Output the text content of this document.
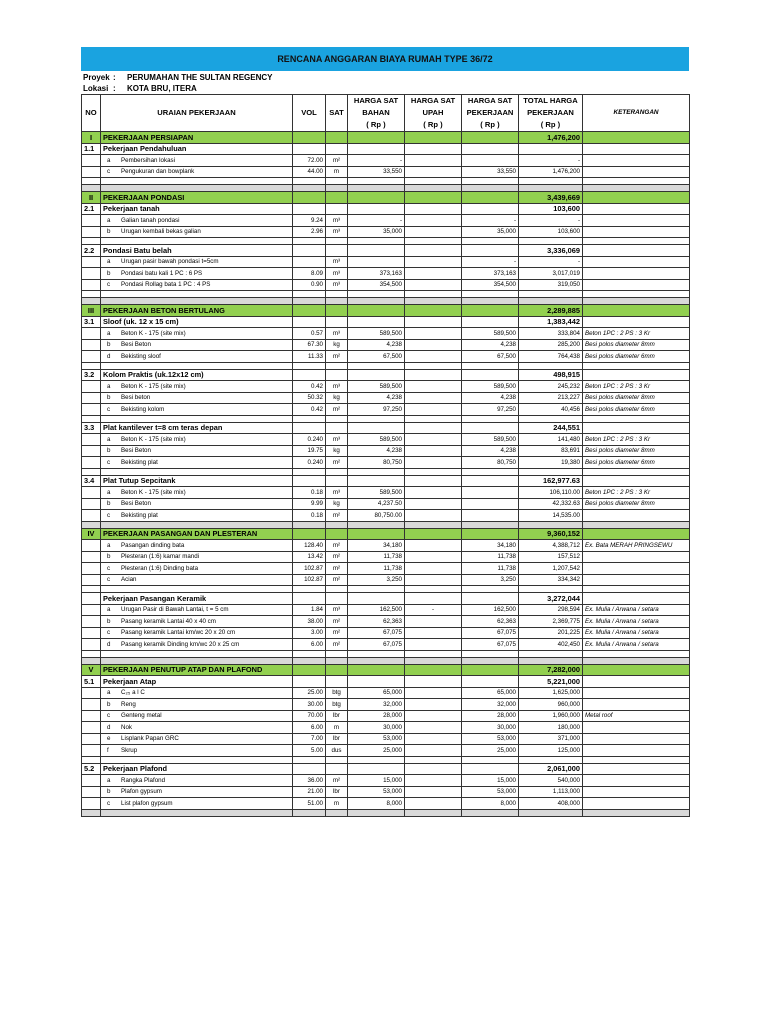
RENCANA ANGGARAN BIAYA RUMAH TYPE 36/72
Proyek : PERUMAHAN THE SULTAN REGENCY
Lokasi : KOTA BRU, ITERA
NO	URAIAN PEKERJAAN	VOL	SAT	HARGA SAT	HARGA SAT	HARGA SAT	TOTAL HARGA	KETERANGAN
				BAHAN	UPAH	PEKERJAAN	PEKERJAAN	
				( Rp )	( Rp )	( Rp )	( Rp )	
I	PEKERJAAN PERSIAPAN						1,476,200	
1.1	Pekerjaan Pendahuluan							
	a Pembersihan lokasi	72.00	m²	-			-	
	c Pengukuran dan bowplank	44.00	m	33,550		33,550	1,476,200	

II	PEKERJAAN PONDASI						3,439,669	
2.1	Pekerjaan tanah						103,600	
	a Galian tanah pondasi	9.24	m³	-		-	-	
	b Urugan kembali bekas galian	2.96	m³	35,000		35,000	103,600	

2.2	Pondasi Batu belah						3,336,069	
	a Urugan pasir bawah pondasi t=5cm		m³			-	-	
	b Pondasi batu kali 1 PC : 6 PS	8.09	m³	373,163		373,163	3,017,019	
	c Pondasi Rollag bata 1 PC : 4 PS	0.90	m³	354,500		354,500	319,050	

III	PEKERJAAN BETON BERTULANG						2,289,885	
3.1	Sloof (uk. 12 x 15 cm)						1,383,442	
	a Beton K - 175 (site mix)	0.57	m³	589,500		589,500	333,804	Beton 1PC : 2 PS : 3 Kr
	b Besi Beton	67.30	kg	4,238		4,238	285,200	Besi polos diameter 8mm
	d Bekisting sloof	11.33	m²	67,500		67,500	764,438	Besi polos diameter 6mm

3.2	Kolom Praktis (uk.12x12 cm)						498,915	
	a Beton K - 175 (site mix)	0.42	m³	589,500		589,500	245,232	Beton 1PC : 2 PS : 3 Kr
	b Besi beton	50.32	kg	4,238		4,238	213,227	Besi polos diameter 8mm
	c Bekisting kolom	0.42	m²	97,250		97,250	40,456	Besi polos diameter 6mm

3.3	Plat kantilever t=8 cm teras depan						244,551	
	a Beton K - 175 (site mix)	0.240	m³	589,500		589,500	141,480	Beton 1PC : 2 PS : 3 Kr
	b Besi Beton	19.75	kg	4,238		4,238	83,691	Besi polos diameter 8mm
	c Bekisting plat	0.240	m²	80,750		80,750	19,380	Besi polos diameter 6mm

3.4	Plat Tutup Sepcitank						162,977.63	
	a Beton K - 175 (site mix)	0.18	m³	589,500			106,110.00	Beton 1PC : 2 PS : 3 Kr
	b Besi Beton	9.99	kg	4,237.50			42,332.63	Besi polos diameter 8mm
	c Bekisting plat	0.18	m²	80,750.00			14,535.00	

IV	PEKERJAAN PASANGAN DAN PLESTERAN						9,360,152	
	a Pasangan dinding bata	128.40	m²	34,180		34,180	4,388,712	Ex. Bata MERAH PRINGSEWU
	b Plesteran (1:6) kamar mandi	13.42	m²	11,738		11,738	157,512	
	c Plesteran (1:6) Dinding bata	102.87	m²	11,738		11,738	1,207,542	
	c Acian	102.87	m²	3,250		3,250	334,342	

	Pekerjaan Pasangan Keramik						3,272,044	
	a Urugan Pasir di Bawah Lantai, t = 5 cm	1.84	m³	162,500	-	162,500	298,594	Ex. Mulia / Arwana / setara
	b Pasang keramik Lantai 40 x 40 cm	38.00	m²	62,363		62,363	2,369,775	Ex. Mulia / Arwana / setara
	c Pasang keramik Lantai km/wc 20 x 20 cm	3.00	m²	67,075		67,075	201,225	Ex. Mulia / Arwana / setara
	d Pasang keramik Dinding km/wc 20 x 25 cm	6.00	m²	67,075		67,075	402,450	Ex. Mulia / Arwana / setara

V	PEKERJAAN PENUTUP ATAP DAN PLAFOND						7,282,000	
5.1	Pekerjaan Atap						5,221,000	
	a C₂₅ a l C	25.00	btg	65,000		65,000	1,625,000	
	b Reng	30.00	btg	32,000		32,000	960,000	
	c Genteng metal	70.00	lbr	28,000		28,000	1,960,000	Metal roof
	d Nok	6.00	m	30,000		30,000	180,000	
	e Lisplank Papan GRC	7.00	lbr	53,000		53,000	371,000	
	f Skrup	5.00	dus	25,000		25,000	125,000	

5.2	Pekerjaan Plafond						2,061,000	
	a Rangka Plafond	36.00	m²	15,000		15,000	540,000	
	b Plafon gypsum	21.00	lbr	53,000		53,000	1,113,000	
	c List plafon gypsum	51.00	m	8,000		8,000	408,000	
